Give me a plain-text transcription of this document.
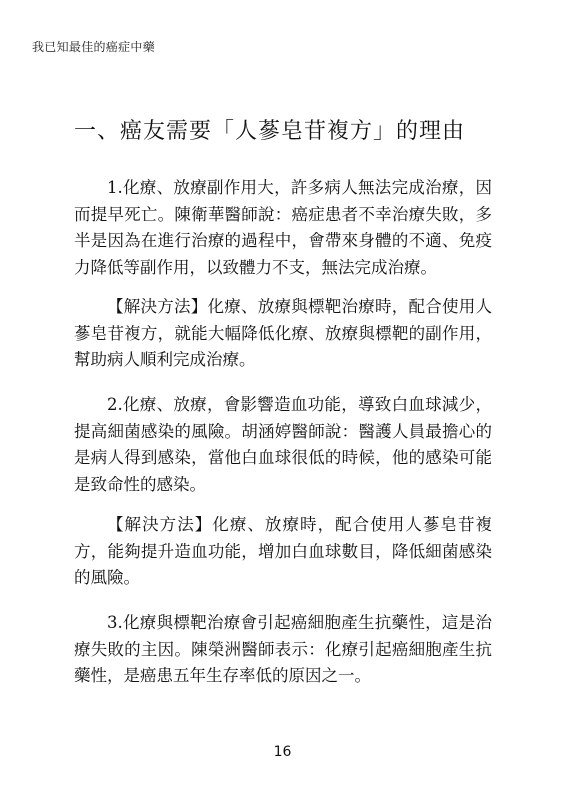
我已知最佳的癌症中藥
一、癌友需要「人蔘皂苷複方」的理由

1.化療、放療副作用大，許多病人無法完成治療，因而提早死亡。陳衛華醫師說：癌症患者不幸治療失敗，多半是因為在進行治療的過程中，會帶來身體的不適、免疫力降低等副作用，以致體力不支，無法完成治療。

【解決方法】化療、放療與標靶治療時，配合使用人蔘皂苷複方，就能大幅降低化療、放療與標靶的副作用，幫助病人順利完成治療。

2.化療、放療，會影響造血功能，導致白血球減少，提高細菌感染的風險。胡涵婷醫師說：醫護人員最擔心的是病人得到感染，當他白血球很低的時候，他的感染可能是致命性的感染。

【解決方法】化療、放療時，配合使用人蔘皂苷複方，能夠提升造血功能，增加白血球數目，降低細菌感染的風險。

3.化療與標靶治療會引起癌細胞產生抗藥性，這是治療失敗的主因。陳榮洲醫師表示：化療引起癌細胞產生抗藥性，是癌患五年生存率低的原因之一。

16
